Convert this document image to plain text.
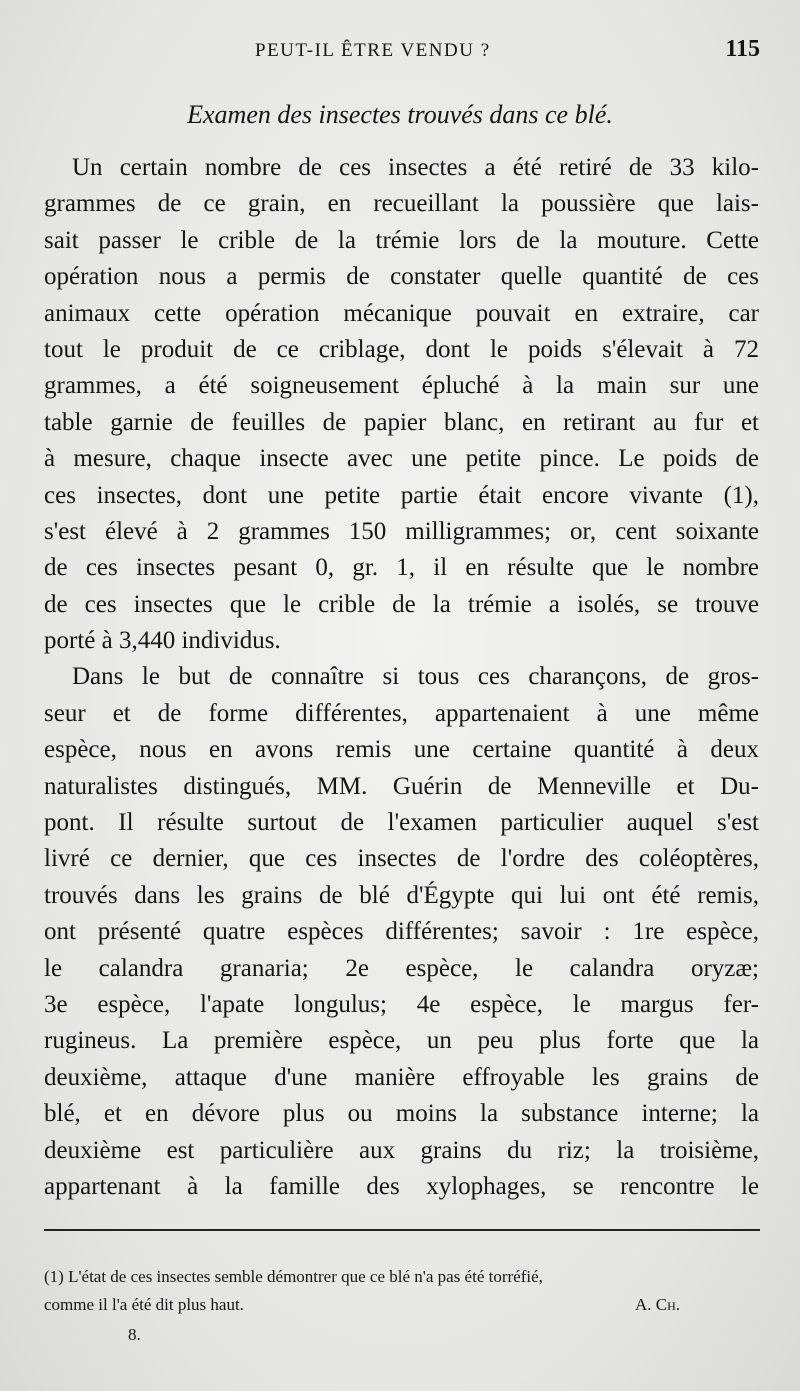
PEUT-IL ÊTRE VENDU ?	115
Examen des insectes trouvés dans ce blé.
Un certain nombre de ces insectes a été retiré de 33 kilo-
grammes de ce grain, en recueillant la poussière que lais-
sait passer le crible de la trémie lors de la mouture. Cette
opération nous a permis de constater quelle quantité de ces
animaux cette opération mécanique pouvait en extraire, car
tout le produit de ce criblage, dont le poids s'élevait à 72
grammes, a été soigneusement épluché à la main sur une
table garnie de feuilles de papier blanc, en retirant au fur et
à mesure, chaque insecte avec une petite pince. Le poids de
ces insectes, dont une petite partie était encore vivante (1),
s'est élevé à 2 grammes 150 milligrammes; or, cent soixante
de ces insectes pesant 0, gr. 1, il en résulte que le nombre
de ces insectes que le crible de la trémie a isolés, se trouve
porté à 3,440 individus.
Dans le but de connaître si tous ces charançons, de gros-
seur et de forme différentes, appartenaient à une même
espèce, nous en avons remis une certaine quantité à deux
naturalistes distingués, MM. Guérin de Menneville et Du-
pont. Il résulte surtout de l'examen particulier auquel s'est
livré ce dernier, que ces insectes de l'ordre des coléoptères,
trouvés dans les grains de blé d'Égypte qui lui ont été remis,
ont présenté quatre espèces différentes; savoir : 1re espèce,
le calandra granaria; 2e espèce, le calandra oryzæ;
3e espèce, l'apate longulus; 4e espèce, le margus fer-
rugineus. La première espèce, un peu plus forte que la
deuxième, attaque d'une manière effroyable les grains de
blé, et en dévore plus ou moins la substance interne; la
deuxième est particulière aux grains du riz; la troisième,
appartenant à la famille des xylophages, se rencontre le
(1) L'état de ces insectes semble démontrer que ce blé n'a pas été torréfié,
comme il l'a été dit plus haut.	A. Ch.
8.
